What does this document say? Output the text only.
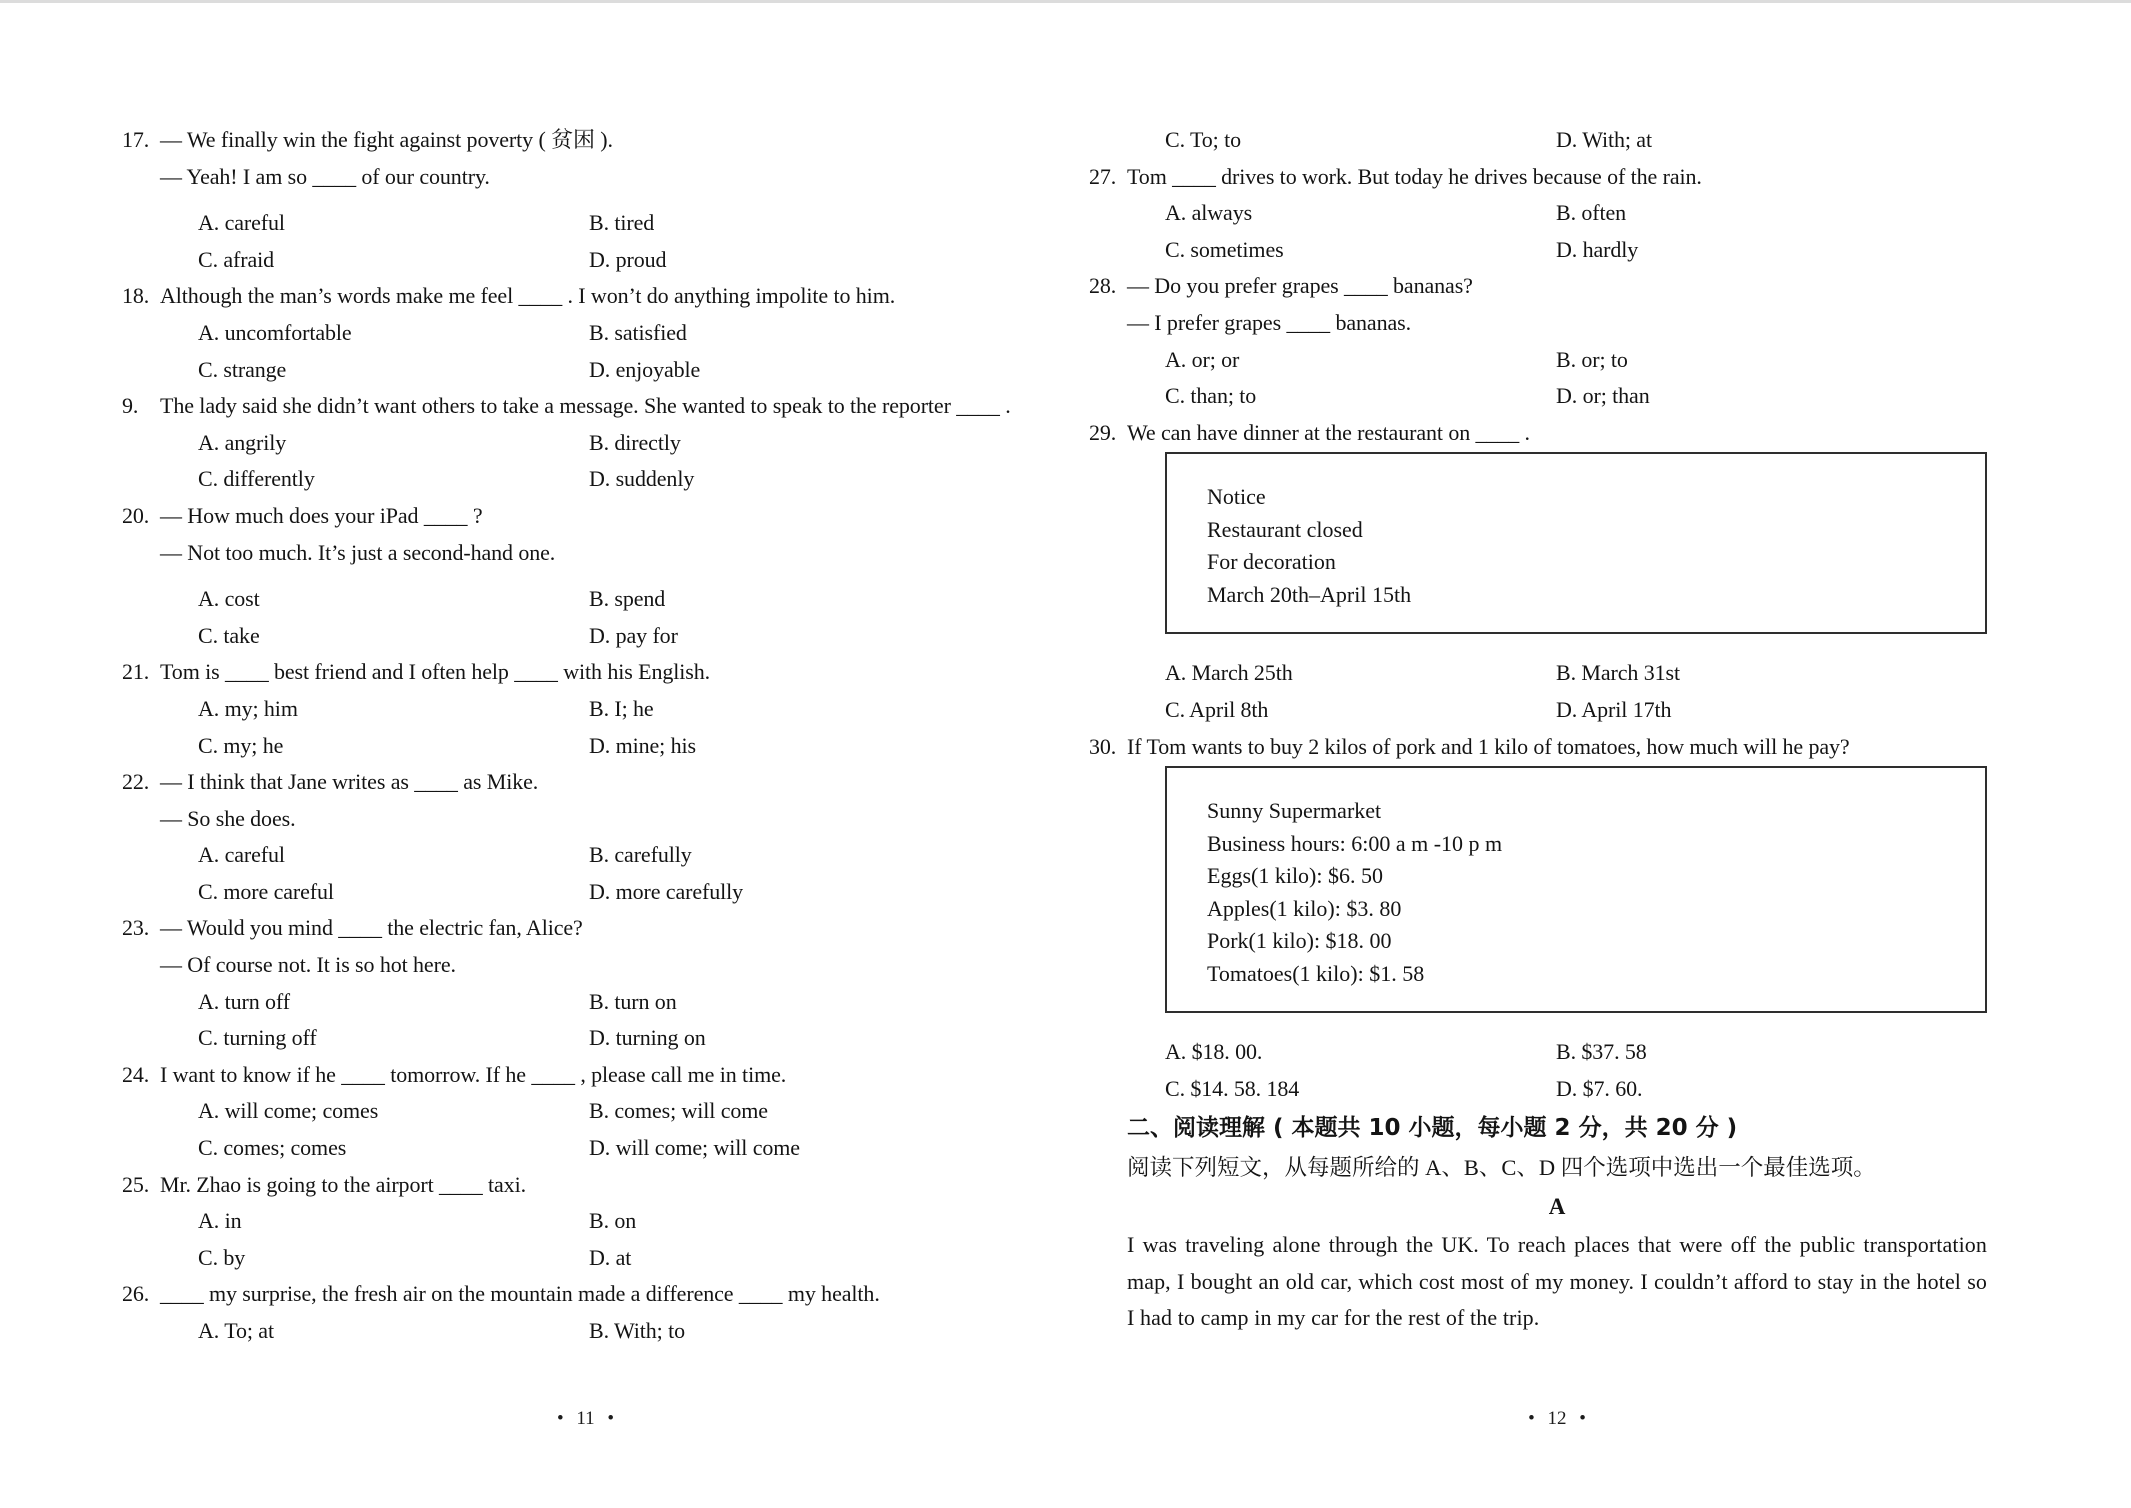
17. — We finally win the fight against poverty ( 贫困 ).

— Yeah! I am so ____ of our country.

A. careful	B. tired
C. afraid	D. proud

18. Although the man’s words make me feel ____ . I won’t do anything impolite to him.

A. uncomfortable	B. satisfied
C. strange	D. enjoyable

9. The lady said she didn’t want others to take a message. She wanted to speak to the reporter ____ .

A. angrily	B. directly
C. differently	D. suddenly

20. — How much does your iPad ____ ?

— Not too much. It’s just a second-hand one.

A. cost	B. spend
C. take	D. pay for

21. Tom is ____ best friend and I often help ____ with his English.

A. my; him	B. I; he
C. my; he	D. mine; his

22. — I think that Jane writes as ____ as Mike.

— So she does.

A. careful	B. carefully
C. more careful	D. more carefully

23. — Would you mind ____ the electric fan, Alice?

— Of course not. It is so hot here.

A. turn off	B. turn on
C. turning off	D. turning on

24. I want to know if he ____ tomorrow. If he ____ , please call me in time.

A. will come; comes	B. comes; will come
C. comes; comes	D. will come; will come

25. Mr. Zhao is going to the airport ____ taxi.

A. in	B. on
C. by	D. at

26. ____ my surprise, the fresh air on the mountain made a difference ____ my health.

A. To; at	B. With; to
C. To; to	D. With; at

27. Tom ____ drives to work. But today he drives because of the rain.

A. always	B. often
C. sometimes	D. hardly

28. — Do you prefer grapes ____ bananas?

— I prefer grapes ____ bananas.

A. or; or	B. or; to
C. than; to	D. or; than

29. We can have dinner at the restaurant on ____ .

Notice

Restaurant closed

For decoration

March 20th–April 15th

A. March 25th	B. March 31st
C. April 8th	D. April 17th

30. If Tom wants to buy 2 kilos of pork and 1 kilo of tomatoes, how much will he pay?

Sunny Supermarket

Business hours: 6:00 a m -10 p m

Eggs(1 kilo): $6. 50

Apples(1 kilo): $3. 80

Pork(1 kilo): $18. 00

Tomatoes(1 kilo): $1. 58

A. $18. 00.	B. $37. 58
C. $14. 58. 184	D. $7. 60.

二、阅读理解 ( 本题共 10 小题，每小题 2 分，共 20 分 )

阅读下列短文，从每题所给的 A、B、C、D 四个选项中选出一个最佳选项。

A

I was traveling alone through the UK. To reach places that were off the public transportation map, I bought an old car, which cost most of my money. I couldn’t afford to stay in the hotel so I had to camp in my car for the rest of the trip.

• 11 •	• 12 •
